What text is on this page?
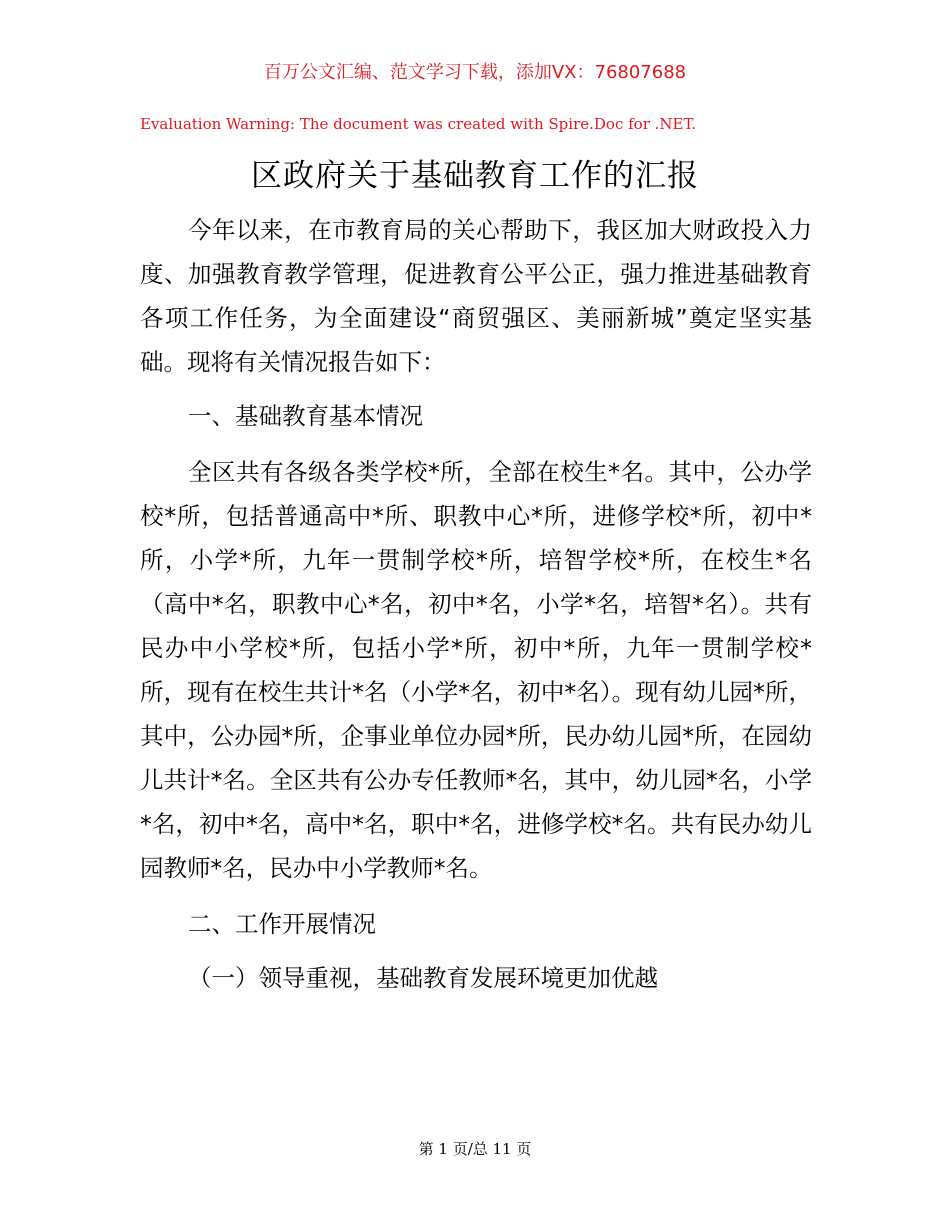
百万公文汇编、范文学习下载，添加VX：76807688
Evaluation Warning: The document was created with Spire.Doc for .NET.
区政府关于基础教育工作的汇报

今年以来，在市教育局的关心帮助下，我区加大财政投入力度、加强教育教学管理，促进教育公平公正，强力推进基础教育各项工作任务，为全面建设“商贸强区、美丽新城”奠定坚实基础。现将有关情况报告如下：

一、基础教育基本情况

全区共有各级各类学校*所，全部在校生*名。其中，公办学校*所，包括普通高中*所、职教中心*所，进修学校*所，初中*所，小学*所，九年一贯制学校*所，培智学校*所，在校生*名（高中*名，职教中心*名，初中*名，小学*名，培智*名）。共有民办中小学校*所，包括小学*所，初中*所，九年一贯制学校*所，现有在校生共计*名（小学*名，初中*名）。现有幼儿园*所，其中，公办园*所，企事业单位办园*所，民办幼儿园*所，在园幼儿共计*名。全区共有公办专任教师*名，其中，幼儿园*名，小学*名，初中*名，高中*名，职中*名，进修学校*名。共有民办幼儿园教师*名，民办中小学教师*名。

二、工作开展情况

（一）领导重视，基础教育发展环境更加优越

第 1 页/总 11 页
